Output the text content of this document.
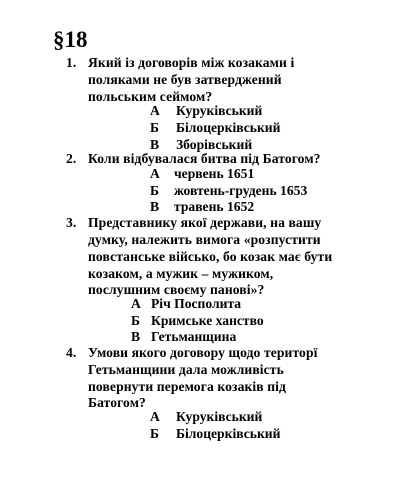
§18
1. Який із договорів між козаками і
поляками не був затверджений
польським сеймом?
А Куруківський
Б Білоцерківський
В Зборівський
2. Коли відбувалася битва під Батогом?
А червень 1651
Б жовтень-грудень 1653
В травень 1652
3. Представнику якої держави, на вашу
думку, належить вимога «розпустити
повстанське військо, бо козак має бути
козаком, а мужик – мужиком,
послушним своєму панові»?
А Річ Посполита
Б Кримське ханство
В Гетьманщина
4. Умови якого договору щодо територї
Гетьманщини дала можливість
повернути перемога козаків під
Батогом?
А Куруківський
Б Білоцерківський
